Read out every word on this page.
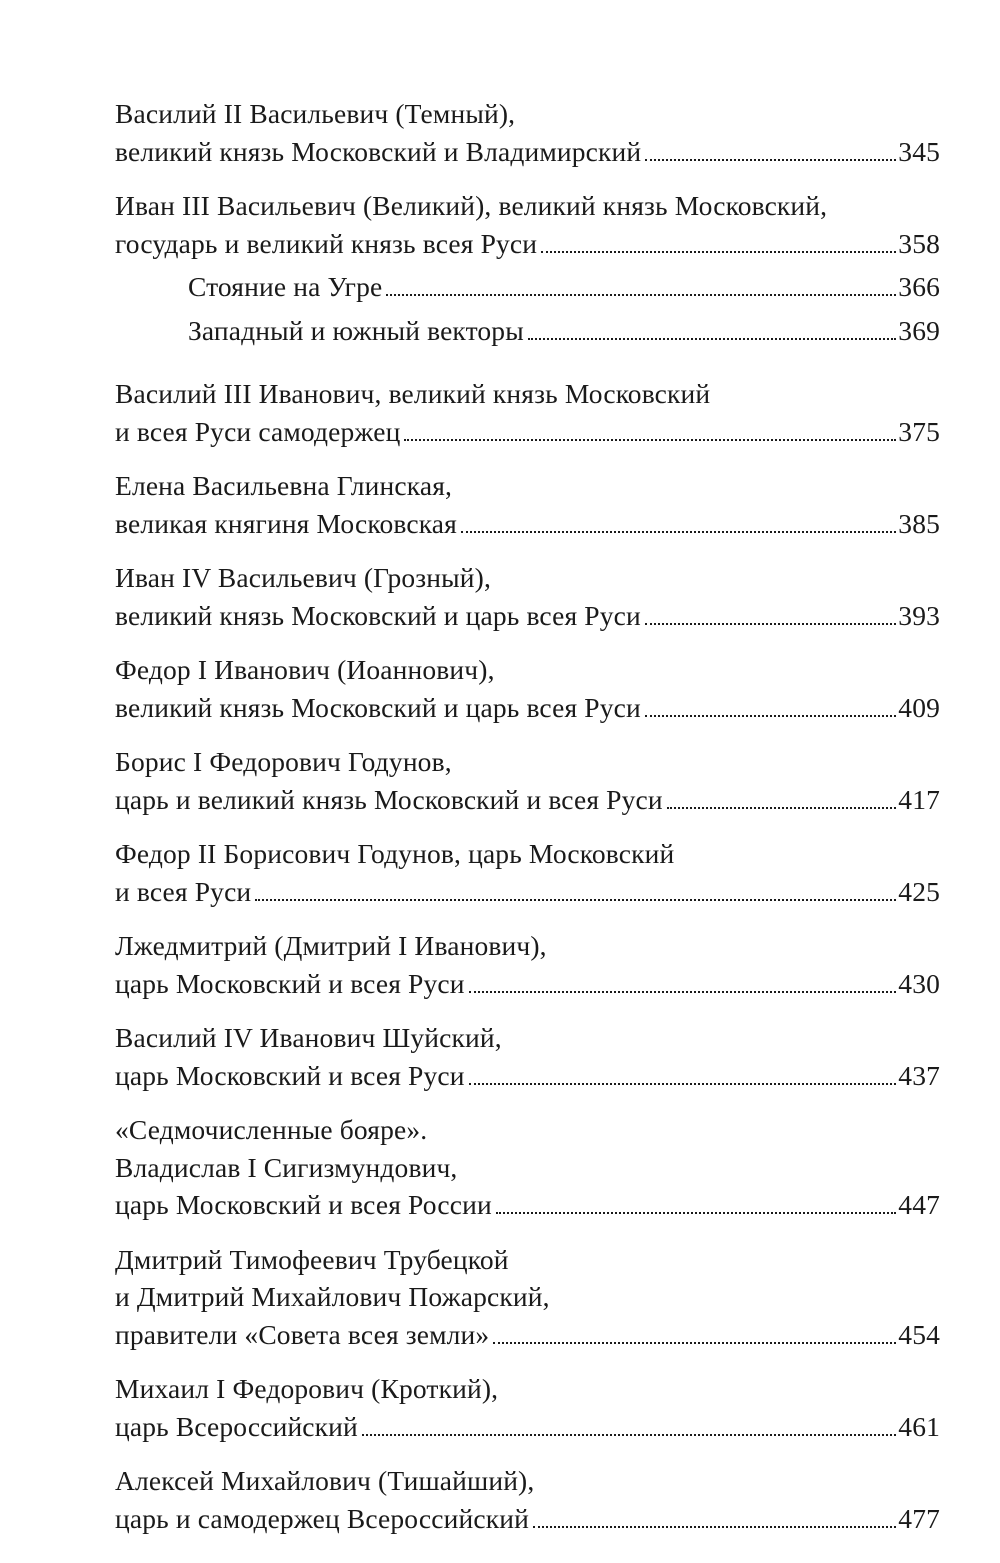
Василий II Васильевич (Темный),
великий князь Московский и Владимирский	345
Иван III Васильевич (Великий), великий князь Московский,
государь и великий князь всея Руси	358
Стояние на Угре	366
Западный и южный векторы	369
Василий III Иванович, великий князь Московский
и всея Руси самодержец	375
Елена Васильевна Глинская,
великая княгиня Московская	385
Иван IV Васильевич (Грозный),
великий князь Московский и царь всея Руси	393
Федор I Иванович (Иоаннович),
великий князь Московский и царь всея Руси	409
Борис I Федорович Годунов,
царь и великий князь Московский и всея Руси	417
Федор II Борисович Годунов, царь Московский
и всея Руси	425
Лжедмитрий (Дмитрий I Иванович),
царь Московский и всея Руси	430
Василий IV Иванович Шуйский,
царь Московский и всея Руси	437
«Седмочисленные бояре».
Владислав I Сигизмундович,
царь Московский и всея России	447
Дмитрий Тимофеевич Трубецкой
и Дмитрий Михайлович Пожарский,
правители «Совета всея земли»	454
Михаил I Федорович (Кроткий),
царь Всероссийский	461
Алексей Михайлович (Тишайший),
царь и самодержец Всероссийский	477
